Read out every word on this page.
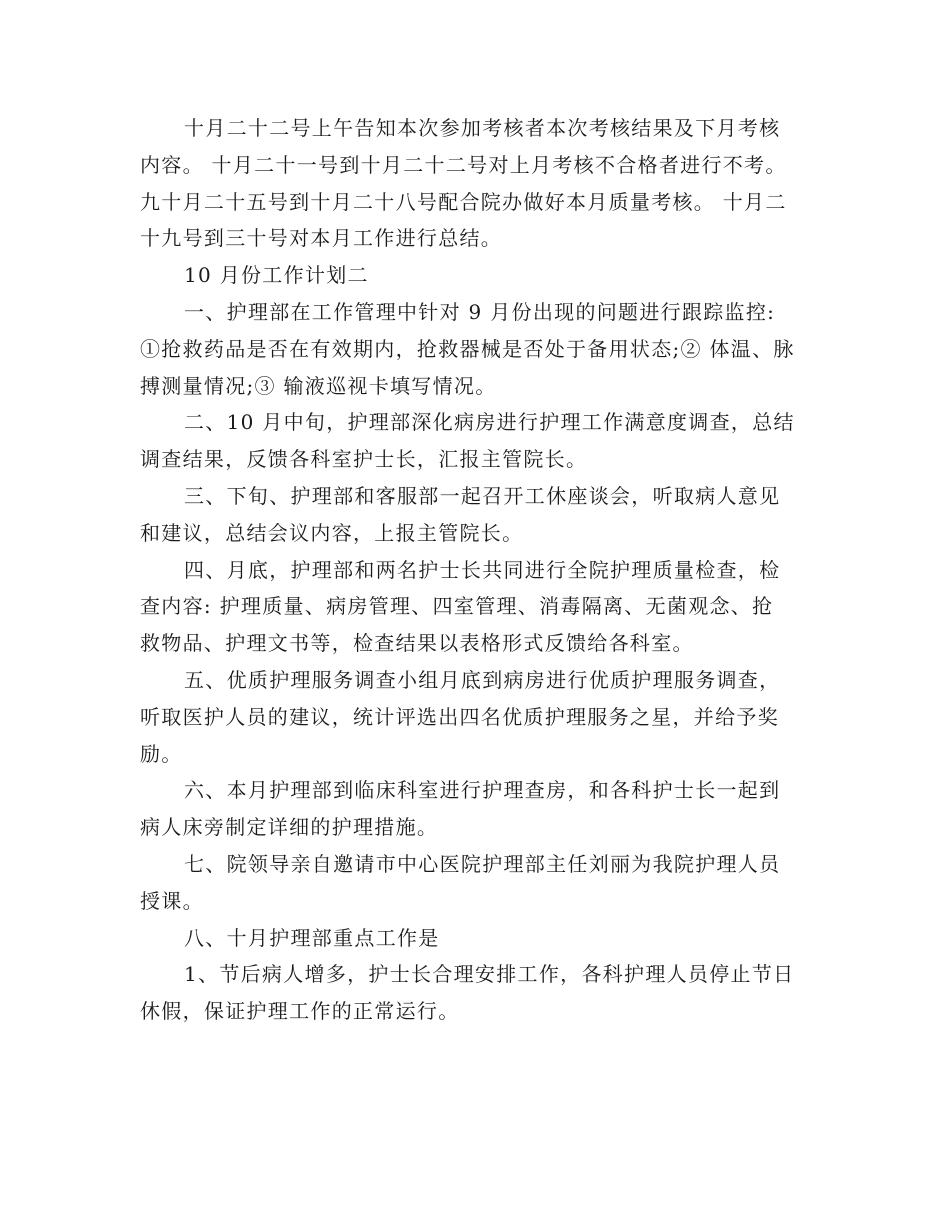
十月二十二号上午告知本次参加考核者本次考核结果及下月考核
内容。 十月二十一号到十月二十二号对上月考核不合格者进行不考。
九十月二十五号到十月二十八号配合院办做好本月质量考核。 十月二
十九号到三十号对本月工作进行总结。

10 月份工作计划二

一、护理部在工作管理中针对 9 月份出现的问题进行跟踪监控:
①抢救药品是否在有效期内，抢救器械是否处于备用状态;② 体温、脉
搏测量情况;③ 输液巡视卡填写情况。

二、10 月中旬，护理部深化病房进行护理工作满意度调查，总结
调查结果，反馈各科室护士长，汇报主管院长。

三、下旬、护理部和客服部一起召开工休座谈会，听取病人意见
和建议，总结会议内容，上报主管院长。

四、月底，护理部和两名护士长共同进行全院护理质量检查，检
查内容: 护理质量、病房管理、四室管理、消毒隔离、无菌观念、抢
救物品、护理文书等，检查结果以表格形式反馈给各科室。

五、优质护理服务调查小组月底到病房进行优质护理服务调查，
听取医护人员的建议，统计评选出四名优质护理服务之星，并给予奖
励。

六、本月护理部到临床科室进行护理查房，和各科护士长一起到
病人床旁制定详细的护理措施。

七、院领导亲自邀请市中心医院护理部主任刘丽为我院护理人员
授课。

八、十月护理部重点工作是

1、节后病人增多，护士长合理安排工作，各科护理人员停止节日
休假，保证护理工作的正常运行。
